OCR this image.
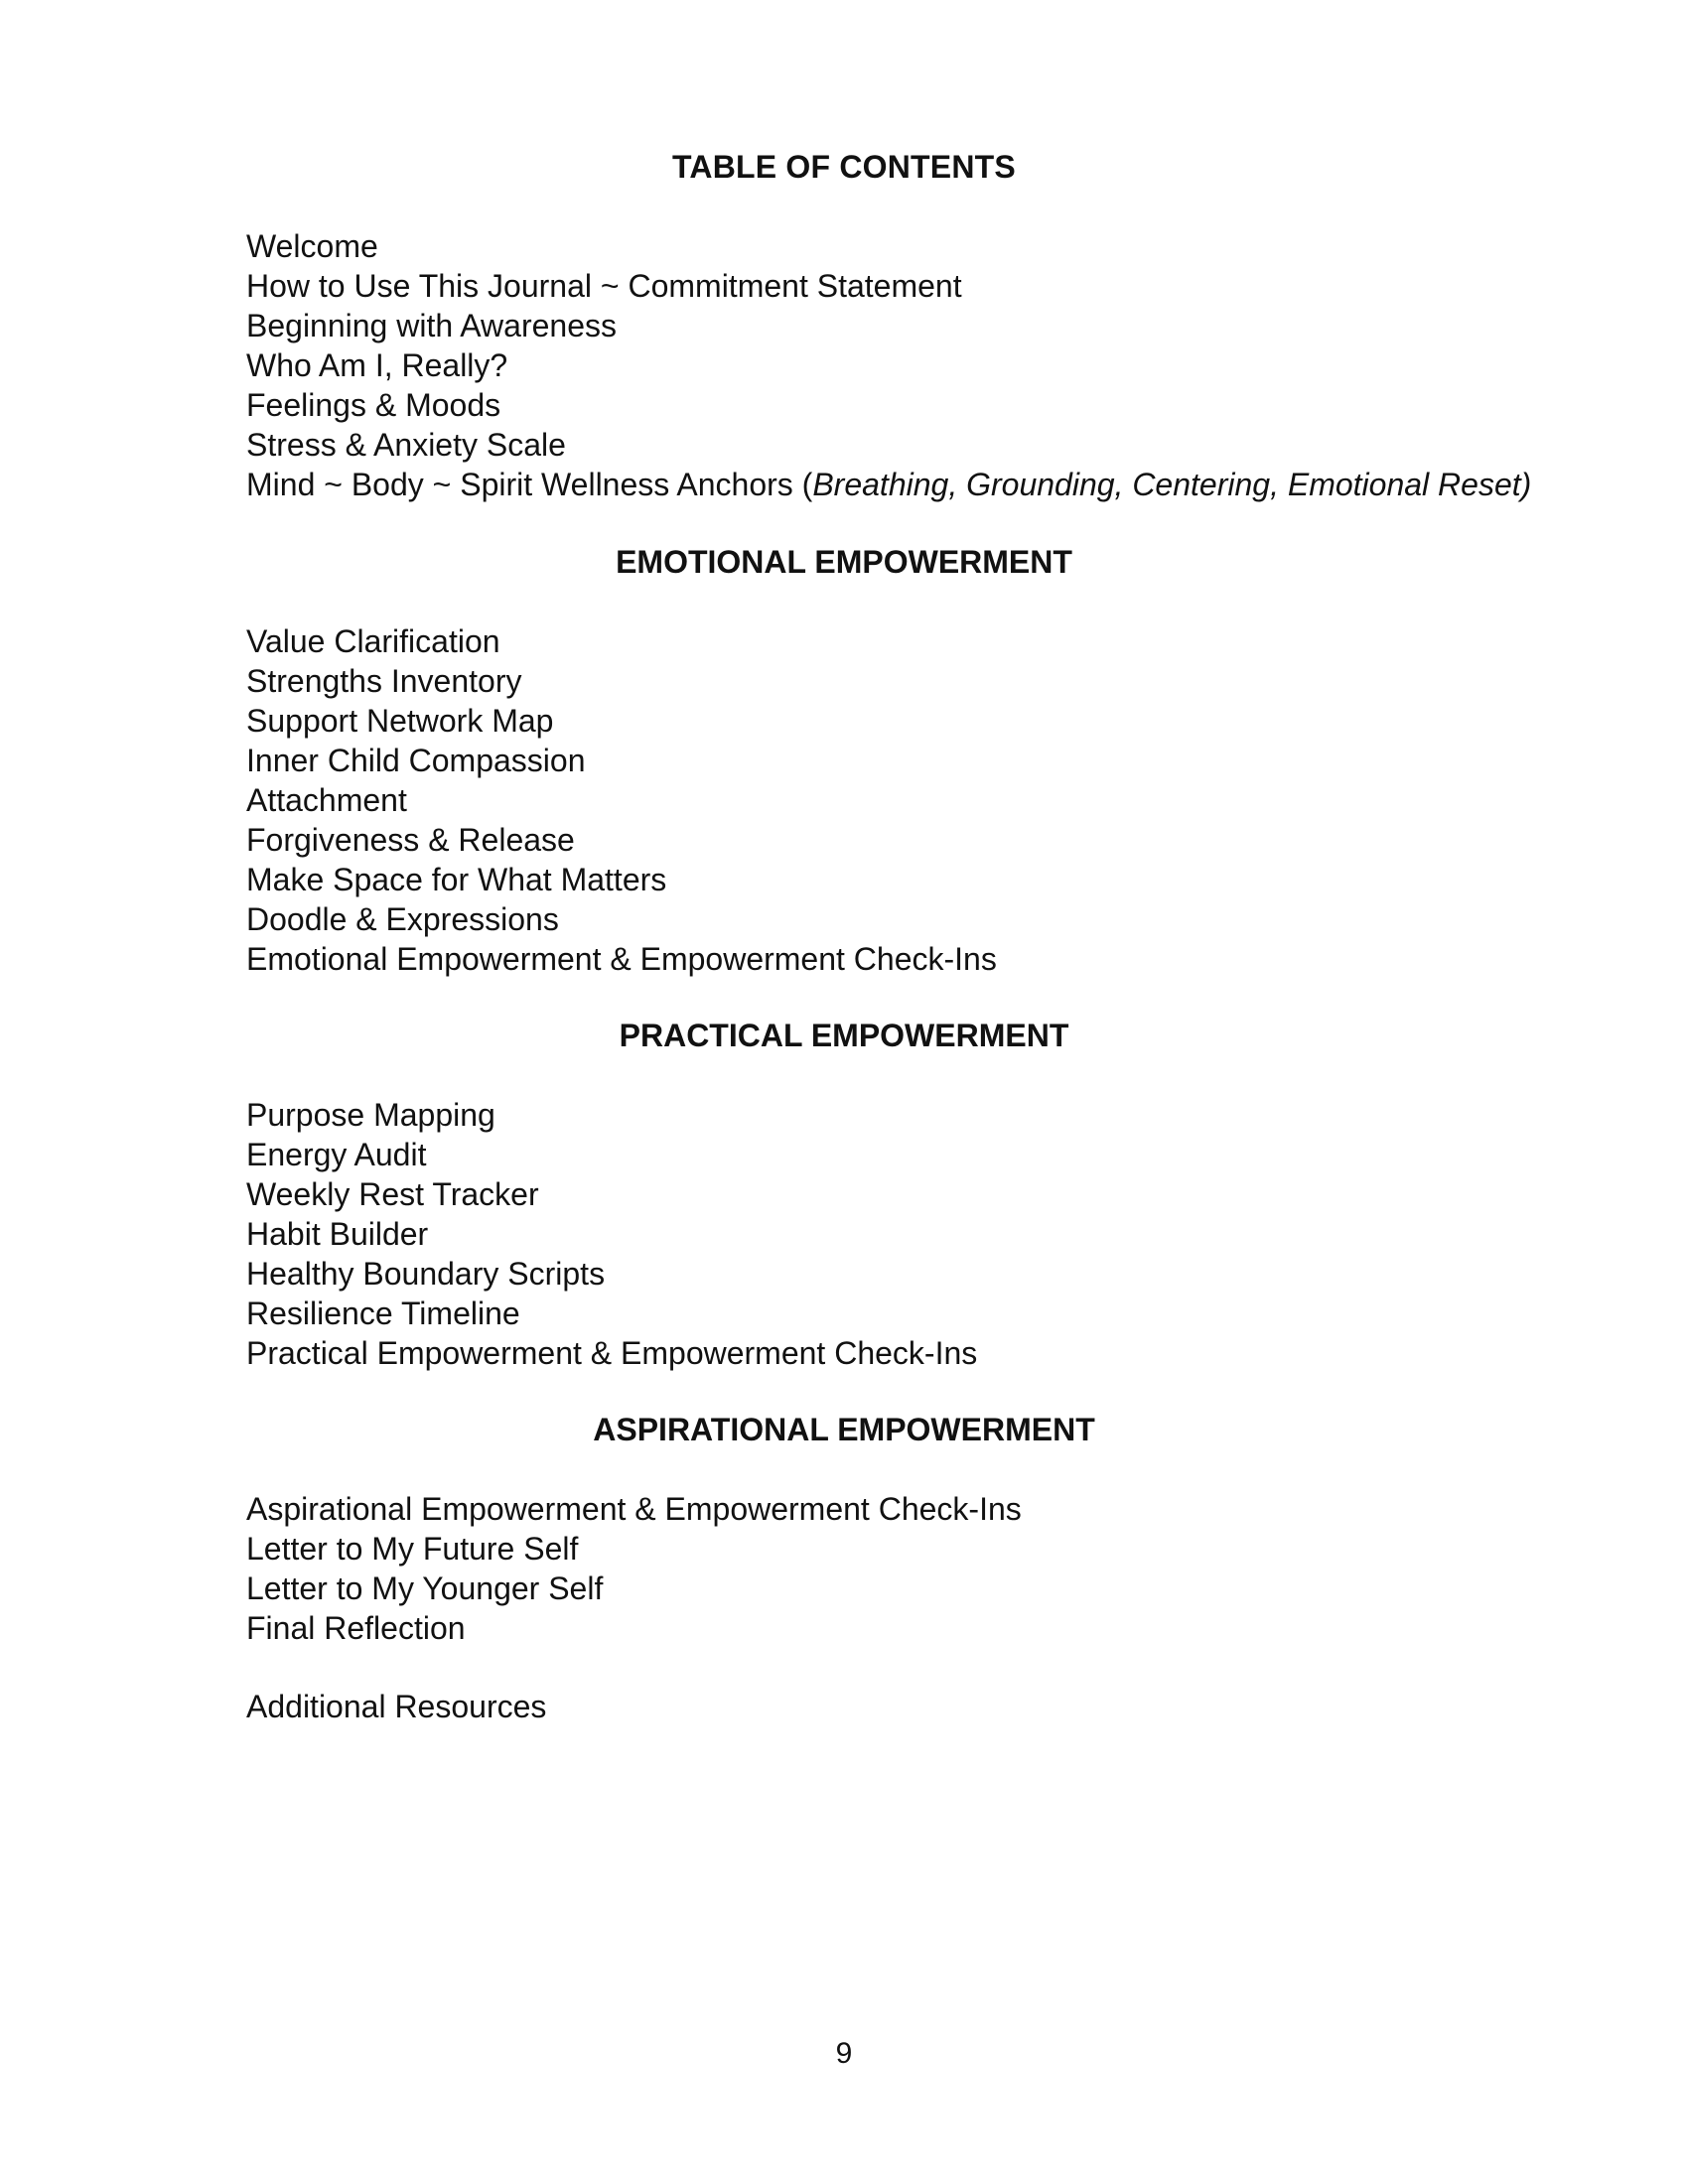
TABLE OF CONTENTS
Welcome
How to Use This Journal ~ Commitment Statement
Beginning with Awareness
Who Am I, Really?
Feelings & Moods
Stress & Anxiety Scale
Mind ~ Body ~ Spirit Wellness Anchors (Breathing, Grounding, Centering, Emotional Reset)
EMOTIONAL EMPOWERMENT
Value Clarification
Strengths Inventory
Support Network Map
Inner Child Compassion
Attachment
Forgiveness & Release
Make Space for What Matters
Doodle & Expressions
Emotional Empowerment & Empowerment Check-Ins
PRACTICAL EMPOWERMENT
Purpose Mapping
Energy Audit
Weekly Rest Tracker
Habit Builder
Healthy Boundary Scripts
Resilience Timeline
Practical Empowerment & Empowerment Check-Ins
ASPIRATIONAL EMPOWERMENT
Aspirational Empowerment & Empowerment Check-Ins
Letter to My Future Self
Letter to My Younger Self
Final Reflection
Additional Resources

9
